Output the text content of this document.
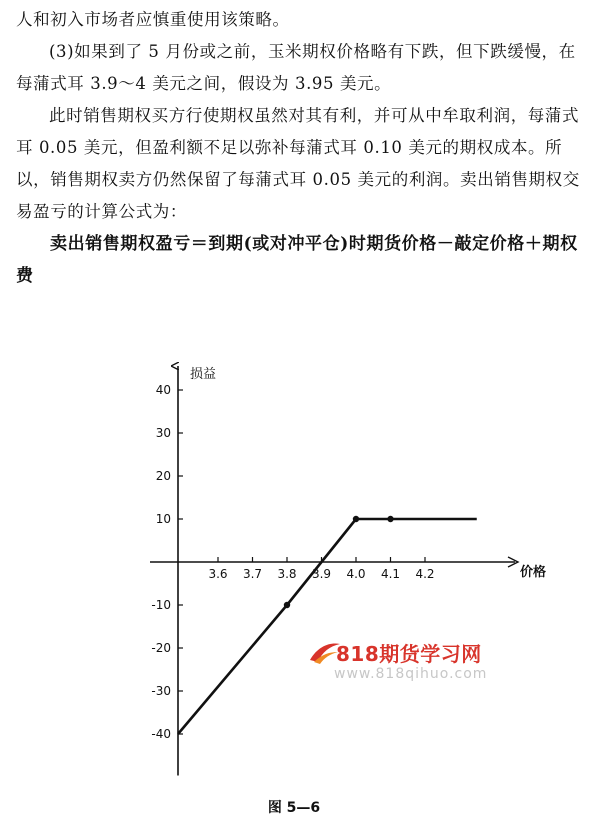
人和初入市场者应慎重使用该策略。

(3)如果到了 5 月份或之前，玉米期权价格略有下跌，但下跌缓慢，在每蒲式耳 3.9～4 美元之间，假设为 3.95 美元。

此时销售期权买方行使期权虽然对其有利，并可从中牟取利润，每蒲式耳 0.05 美元，但盈利额不足以弥补每蒲式耳 0.10 美元的期权成本。所以，销售期权卖方仍然保留了每蒲式耳 0.05 美元的利润。卖出销售期权交易盈亏的计算公式为：

卖出销售期权盈亏＝到期(或对冲平仓)时期货价格－敲定价格＋期权费

3.6 3.7 3.8 3.9 4.0 4.1 4.2
40
30
20
10
-10
-20
-30
-40
损益
价格
图 5—6
818期货学习网
www.818qihuo.com
